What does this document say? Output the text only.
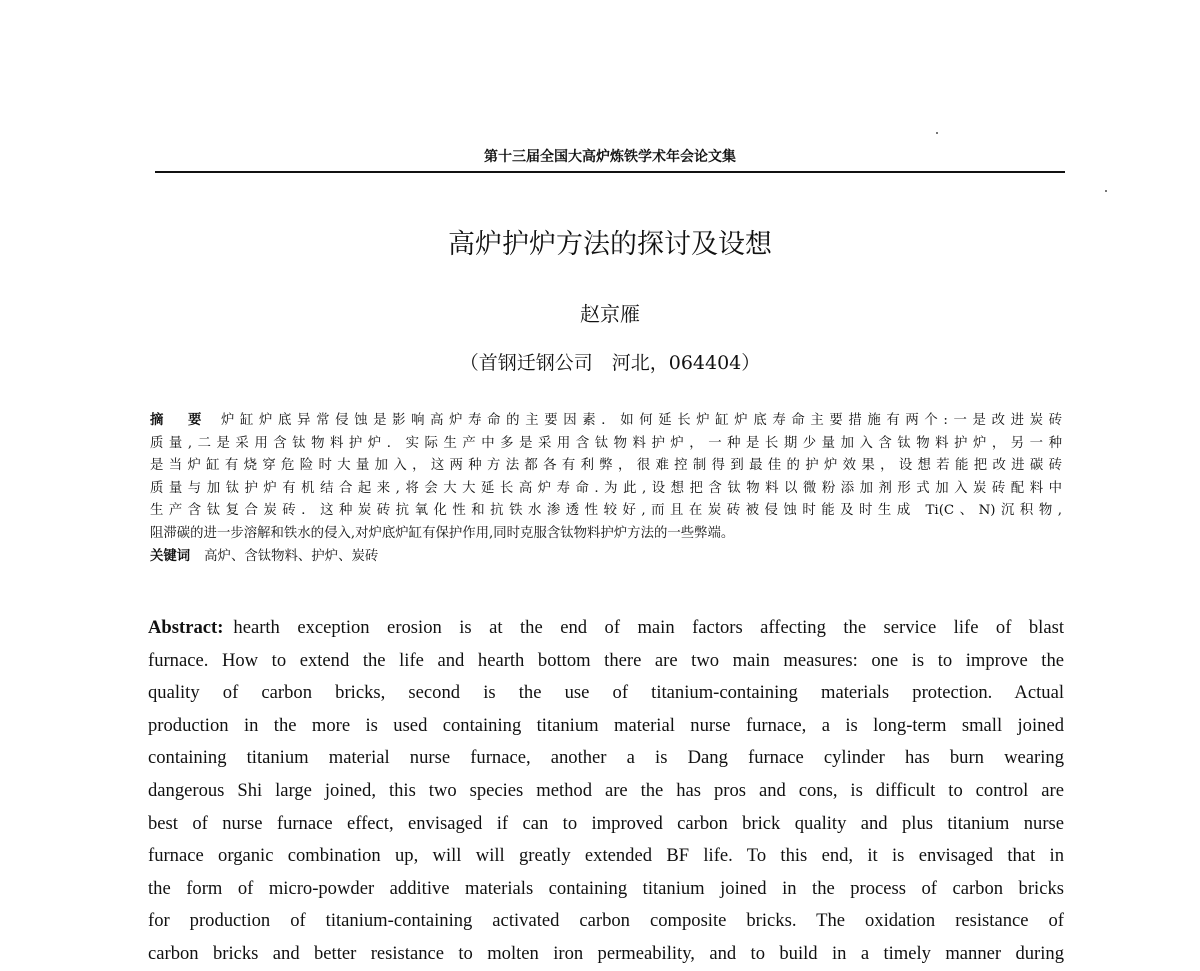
第十三届全国大高炉炼铁学术年会论文集
高炉护炉方法的探讨及设想
赵京雁
（首钢迁钢公司　河北，064404）
摘　要 炉缸炉底异常侵蚀是影响高炉寿命的主要因素．如何延长炉缸炉底寿命主要措施有两个:一是改进炭砖
质量,二是采用含钛物料护炉．实际生产中多是采用含钛物料护炉，一种是长期少量加入含钛物料护炉，另一种
是当炉缸有烧穿危险时大量加入，这两种方法都各有利弊，很难控制得到最佳的护炉效果，设想若能把改进碳砖
质量与加钛护炉有机结合起来,将会大大延长高炉寿命.为此,设想把含钛物料以微粉添加剂形式加入炭砖配料中
生产含钛复合炭砖．这种炭砖抗氧化性和抗铁水渗透性较好,而且在炭砖被侵蚀时能及时生成 Ti(C、N)沉积物,
阻滞碳的进一步溶解和铁水的侵入,对炉底炉缸有保护作用,同时克服含钛物料护炉方法的一些弊端。
关键词 高炉、含钛物料、护炉、炭砖
Abstract: hearth exception erosion is at the end of main factors affecting the service life of blast
furnace. How to extend the life and hearth bottom there are two main measures: one is to improve the
quality of carbon bricks, second is the use of titanium-containing materials protection. Actual
production in the more is used containing titanium material nurse furnace, a is long-term small joined
containing titanium material nurse furnace, another a is Dang furnace cylinder has burn wearing
dangerous Shi large joined, this two species method are the has pros and cons, is difficult to control are
best of nurse furnace effect, envisaged if can to improved carbon brick quality and plus titanium nurse
furnace organic combination up, will will greatly extended BF life. To this end, it is envisaged that in
the form of micro-powder additive materials containing titanium joined in the process of carbon bricks
for production of titanium-containing activated carbon composite bricks. The oxidation resistance of
carbon bricks and better resistance to molten iron permeability, and to build in a timely manner during
